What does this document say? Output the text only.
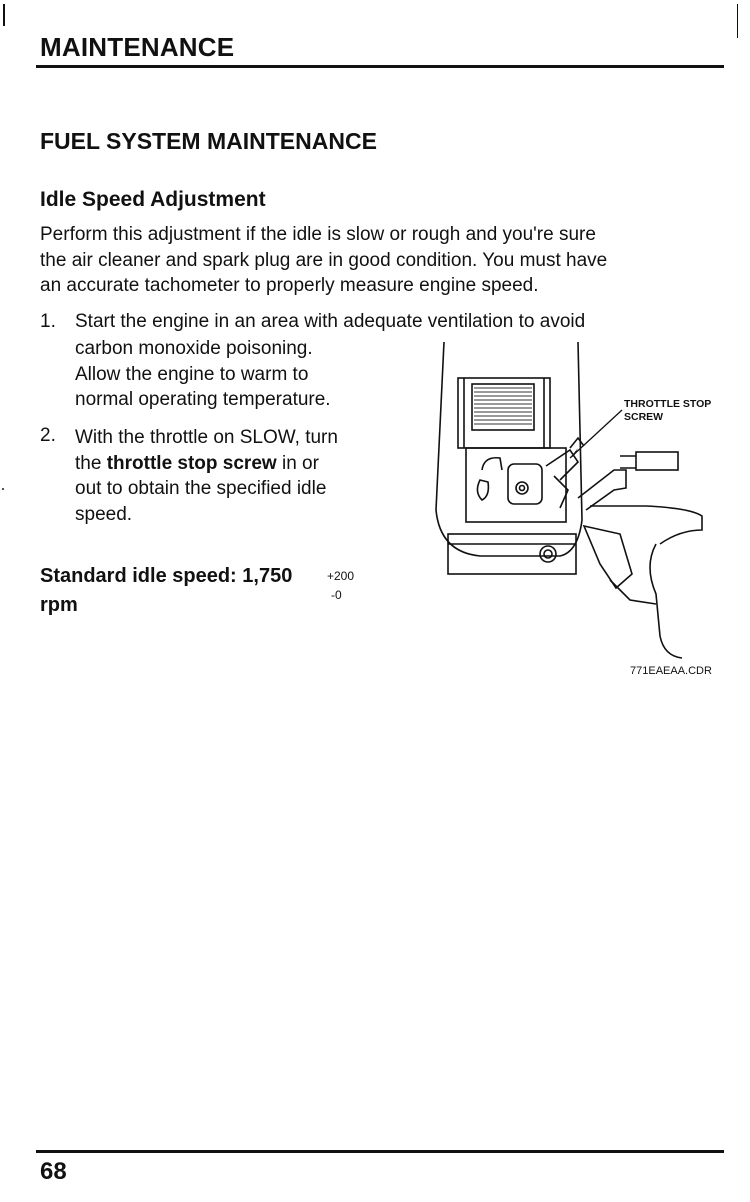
MAINTENANCE
FUEL SYSTEM MAINTENANCE
Idle Speed Adjustment

Perform this adjustment if the idle is slow or rough and you're sure

the air cleaner and spark plug are in good condition. You must have

an accurate tachometer to properly measure engine speed.

1. Start the engine in an area with adequate ventilation to avoid
carbon monoxide poisoning.
Allow the engine to warm to
normal operating temperature.
2. With the throttle on SLOW, turn
the throttle stop screw in or
out to obtain the specified idle
speed.
Standard idle speed: 1,750	+200
-0
rpm
THROTTLE STOP
SCREW
771EAEAA.CDR
68
